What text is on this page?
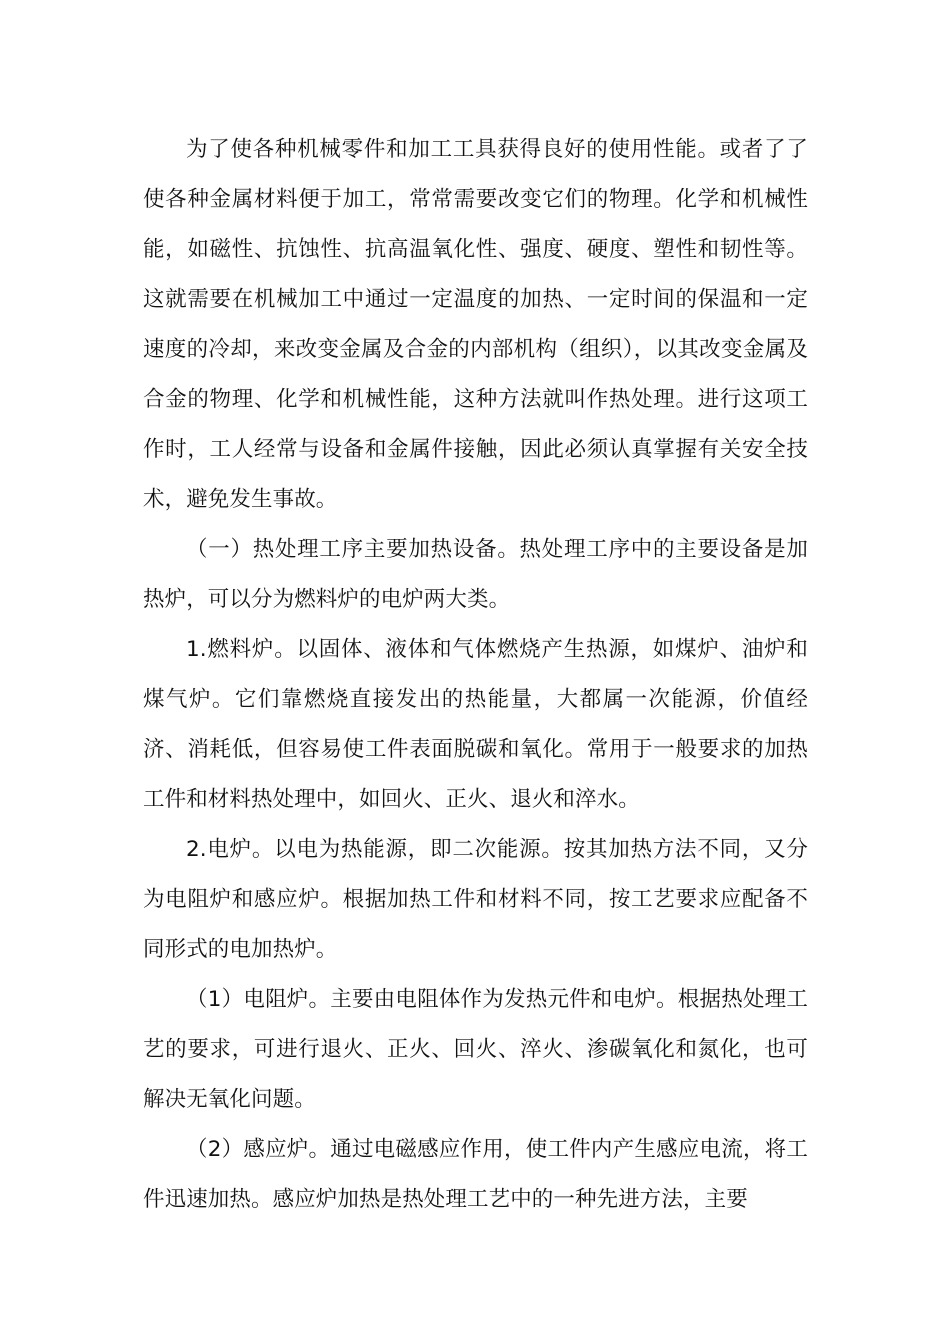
为了使各种机械零件和加工工具获得良好的使用性能。或者了了使各种金属材料便于加工，常常需要改变它们的物理。化学和机械性能，如磁性、抗蚀性、抗高温氧化性、强度、硬度、塑性和韧性等。这就需要在机械加工中通过一定温度的加热、一定时间的保温和一定速度的冷却，来改变金属及合金的内部机构（组织），以其改变金属及合金的物理、化学和机械性能，这种方法就叫作热处理。进行这项工作时，工人经常与设备和金属件接触，因此必须认真掌握有关安全技术，避免发生事故。

（一）热处理工序主要加热设备。热处理工序中的主要设备是加热炉，可以分为燃料炉的电炉两大类。

1.燃料炉。以固体、液体和气体燃烧产生热源，如煤炉、油炉和煤气炉。它们靠燃烧直接发出的热能量，大都属一次能源，价值经济、消耗低，但容易使工件表面脱碳和氧化。常用于一般要求的加热工件和材料热处理中，如回火、正火、退火和淬水。

2.电炉。以电为热能源，即二次能源。按其加热方法不同，又分为电阻炉和感应炉。根据加热工件和材料不同，按工艺要求应配备不同形式的电加热炉。

（1）电阻炉。主要由电阻体作为发热元件和电炉。根据热处理工艺的要求，可进行退火、正火、回火、淬火、渗碳氧化和氮化，也可解决无氧化问题。

（2）感应炉。通过电磁感应作用，使工件内产生感应电流，将工件迅速加热。感应炉加热是热处理工艺中的一种先进方法，主要
